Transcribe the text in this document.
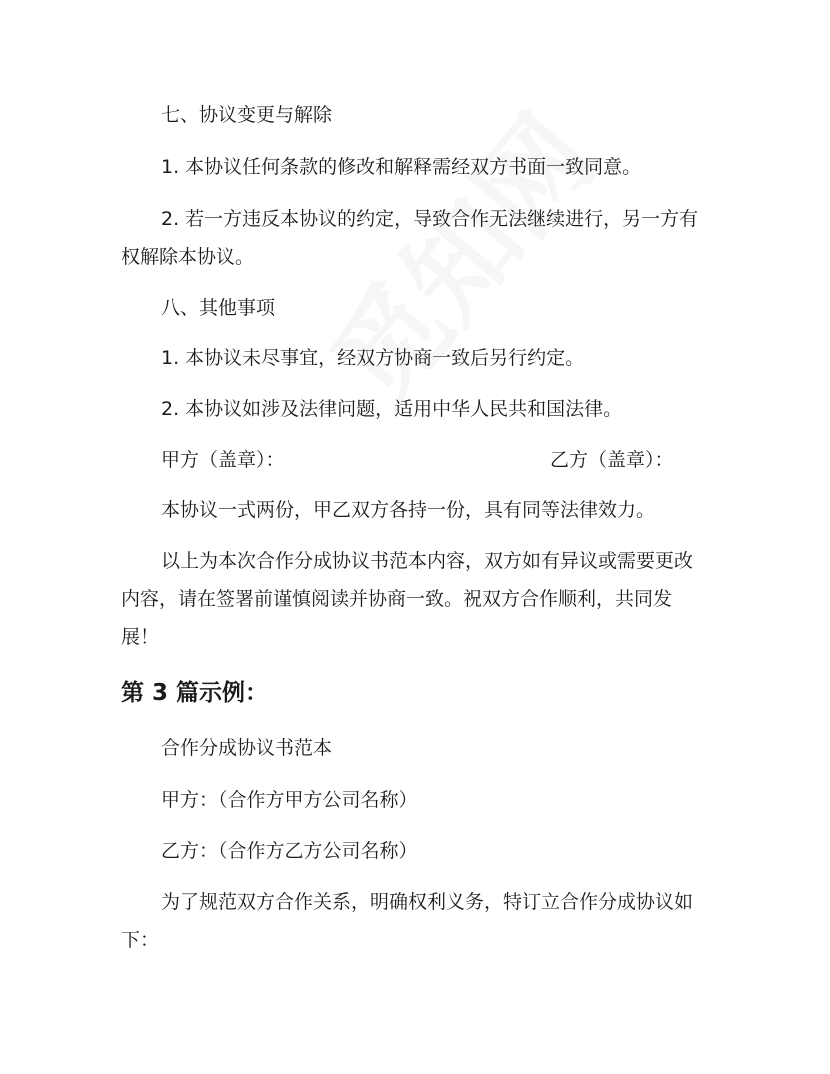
七、协议变更与解除
1. 本协议任何条款的修改和解释需经双方书面一致同意。
2. 若一方违反本协议的约定，导致合作无法继续进行，另一方有
权解除本协议。
八、其他事项
1. 本协议未尽事宜，经双方协商一致后另行约定。
2. 本协议如涉及法律问题，适用中华人民共和国法律。
甲方（盖章）：	乙方（盖章）：
本协议一式两份，甲乙双方各持一份，具有同等法律效力。
以上为本次合作分成协议书范本内容，双方如有异议或需要更改
内容，请在签署前谨慎阅读并协商一致。祝双方合作顺利，共同发
展！
第 3 篇示例：
合作分成协议书范本
甲方：（合作方甲方公司名称）
乙方：（合作方乙方公司名称）
为了规范双方合作关系，明确权利义务，特订立合作分成协议如
下：
